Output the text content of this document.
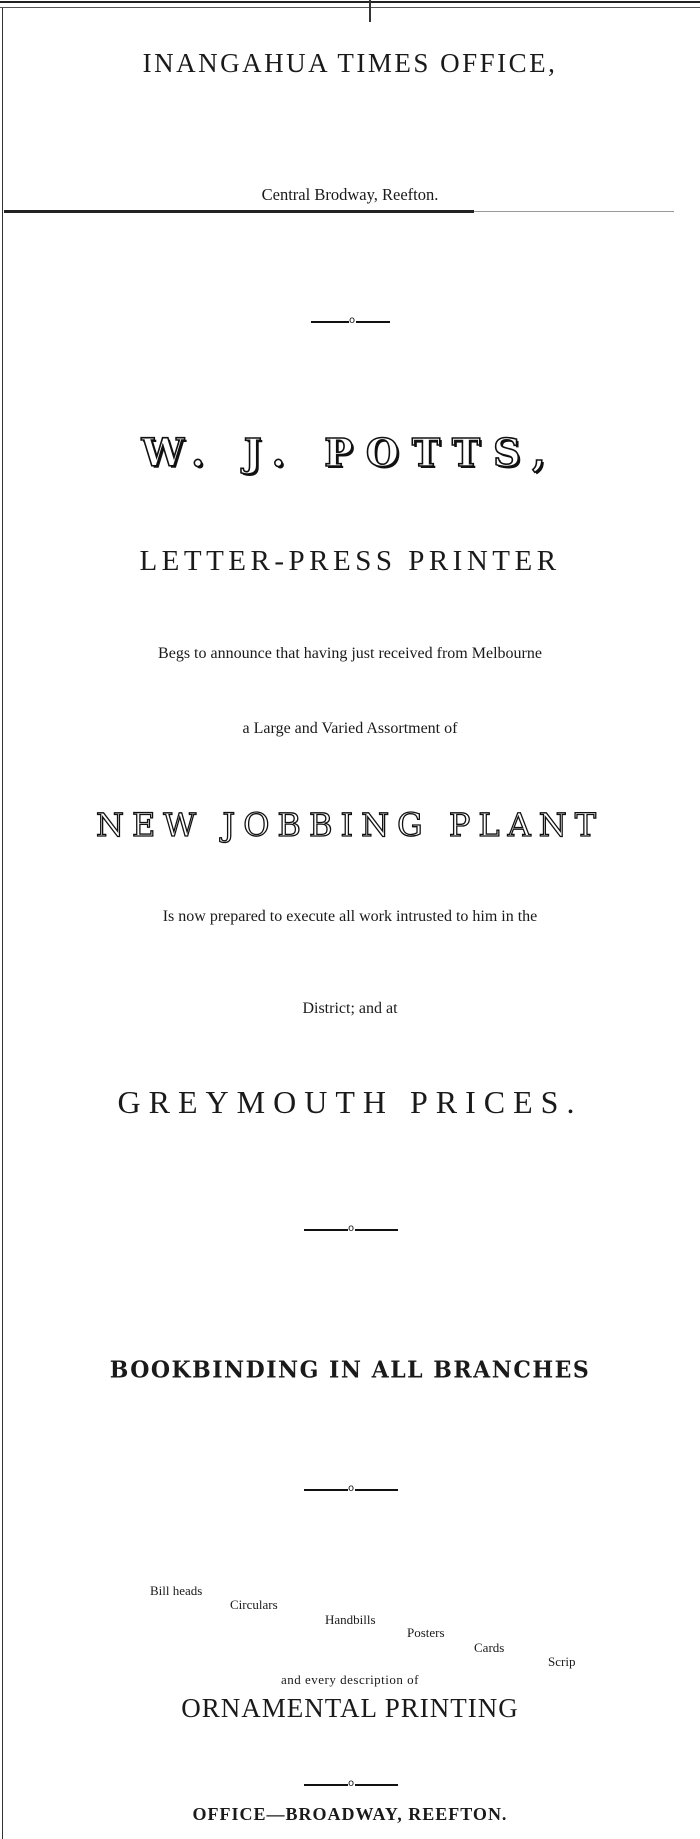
INANGAHUA TIMES OFFICE,
Central Brodway, Reefton.
o
W. J. POTTS,
LETTER-PRESS PRINTER
Begs to announce that having just received from Melbourne
a Large and Varied Assortment of
NEW JOBBING PLANT
Is now prepared to execute all work intrusted to him in the
District; and at
GREYMOUTH PRICES.
o
BOOKBINDING IN ALL BRANCHES
o
Bill heads
Circulars
Handbills
Posters
Cards
Scrip
and every description of
ORNAMENTAL PRINTING
o
OFFICE—BROADWAY, REEFTON.
